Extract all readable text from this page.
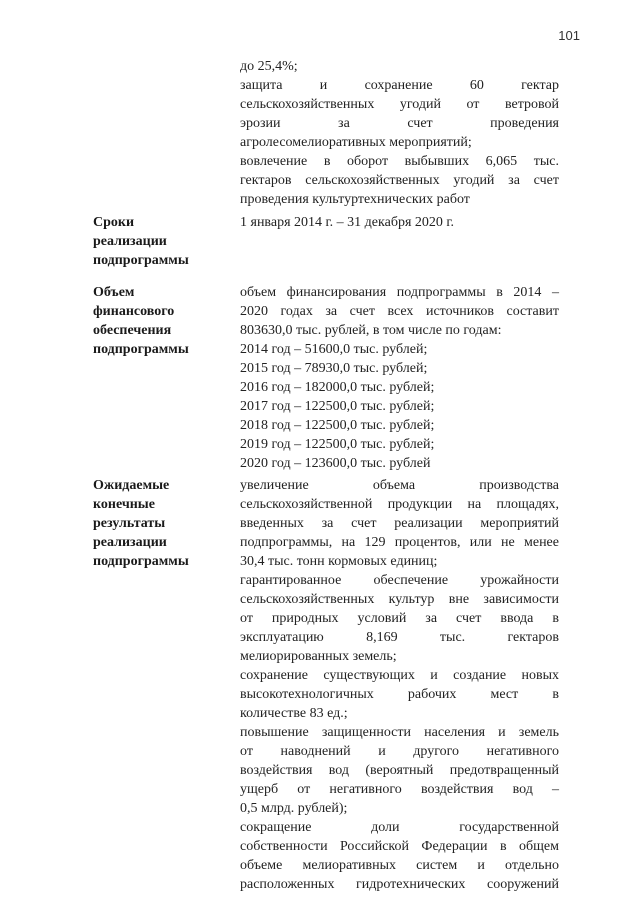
101
до 25,4%;
защита и сохранение 60 гектар
сельскохозяйственных угодий от ветровой
эрозии за счет проведения
агролесомелиоративных мероприятий;
вовлечение в оборот выбывших 6,065 тыс.
гектаров сельскохозяйственных угодий за счет
проведения культуртехнических работ
Сроки
реализации
подпрограммы
1 января 2014 г. – 31 декабря 2020 г.
Объем
финансового
обеспечения
подпрограммы
объем финансирования подпрограммы в 2014 –
2020 годах за счет всех источников составит
803630,0 тыс. рублей, в том числе по годам:
2014 год – 51600,0 тыс. рублей;
2015 год – 78930,0 тыс. рублей;
2016 год – 182000,0 тыс. рублей;
2017 год – 122500,0 тыс. рублей;
2018 год – 122500,0 тыс. рублей;
2019 год – 122500,0 тыс. рублей;
2020 год – 123600,0 тыс. рублей
Ожидаемые
конечные
результаты
реализации
подпрограммы
увеличение объема производства
сельскохозяйственной продукции на площадях,
введенных за счет реализации мероприятий
подпрограммы, на 129 процентов, или не менее
30,4 тыс. тонн кормовых единиц;
гарантированное обеспечение урожайности
сельскохозяйственных культур вне зависимости
от природных условий за счет ввода в
эксплуатацию 8,169 тыс. гектаров
мелиорированных земель;
сохранение существующих и создание новых
высокотехнологичных рабочих мест в
количестве 83 ед.;
повышение защищенности населения и земель
от наводнений и другого негативного
воздействия вод (вероятный предотвращенный
ущерб от негативного воздействия вод –
0,5 млрд. рублей);
сокращение доли государственной
собственности Российской Федерации в общем
объеме мелиоративных систем и отдельно
расположенных гидротехнических сооружений
